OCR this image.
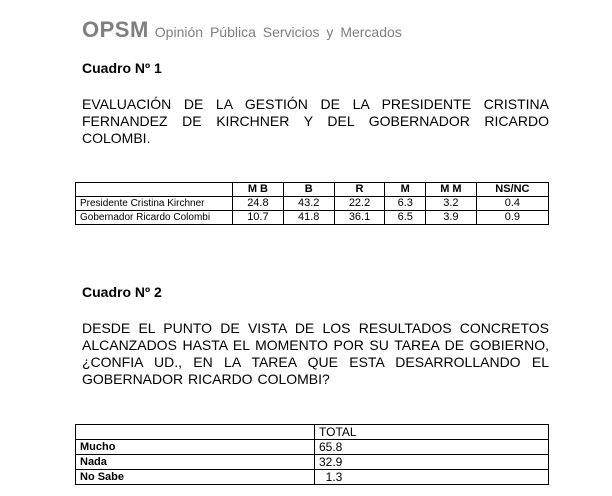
OPSM Opinión Pública Servicios y Mercados
Cuadro Nº 1

EVALUACIÓN DE LA GESTIÓN DE LA PRESIDENTE CRISTINA FERNANDEZ DE KIRCHNER Y DEL GOBERNADOR RICARDO COLOMBI.

	M B	B	R	M	M M	NS/NC
Presidente Cristina Kirchner	24.8	43.2	22.2	6.3	3.2	0.4
Gobernador Ricardo Colombi	10.7	41.8	36.1	6.5	3.9	0.9
Cuadro Nº 2

DESDE EL PUNTO DE VISTA DE LOS RESULTADOS CONCRETOS ALCANZADOS HASTA EL MOMENTO POR SU TAREA DE GOBIERNO, ¿CONFIA UD., EN LA TAREA QUE ESTA DESARROLLANDO EL GOBERNADOR RICARDO COLOMBI?

	TOTAL
Mucho	65.8
Nada	32.9
No Sabe	1.3
